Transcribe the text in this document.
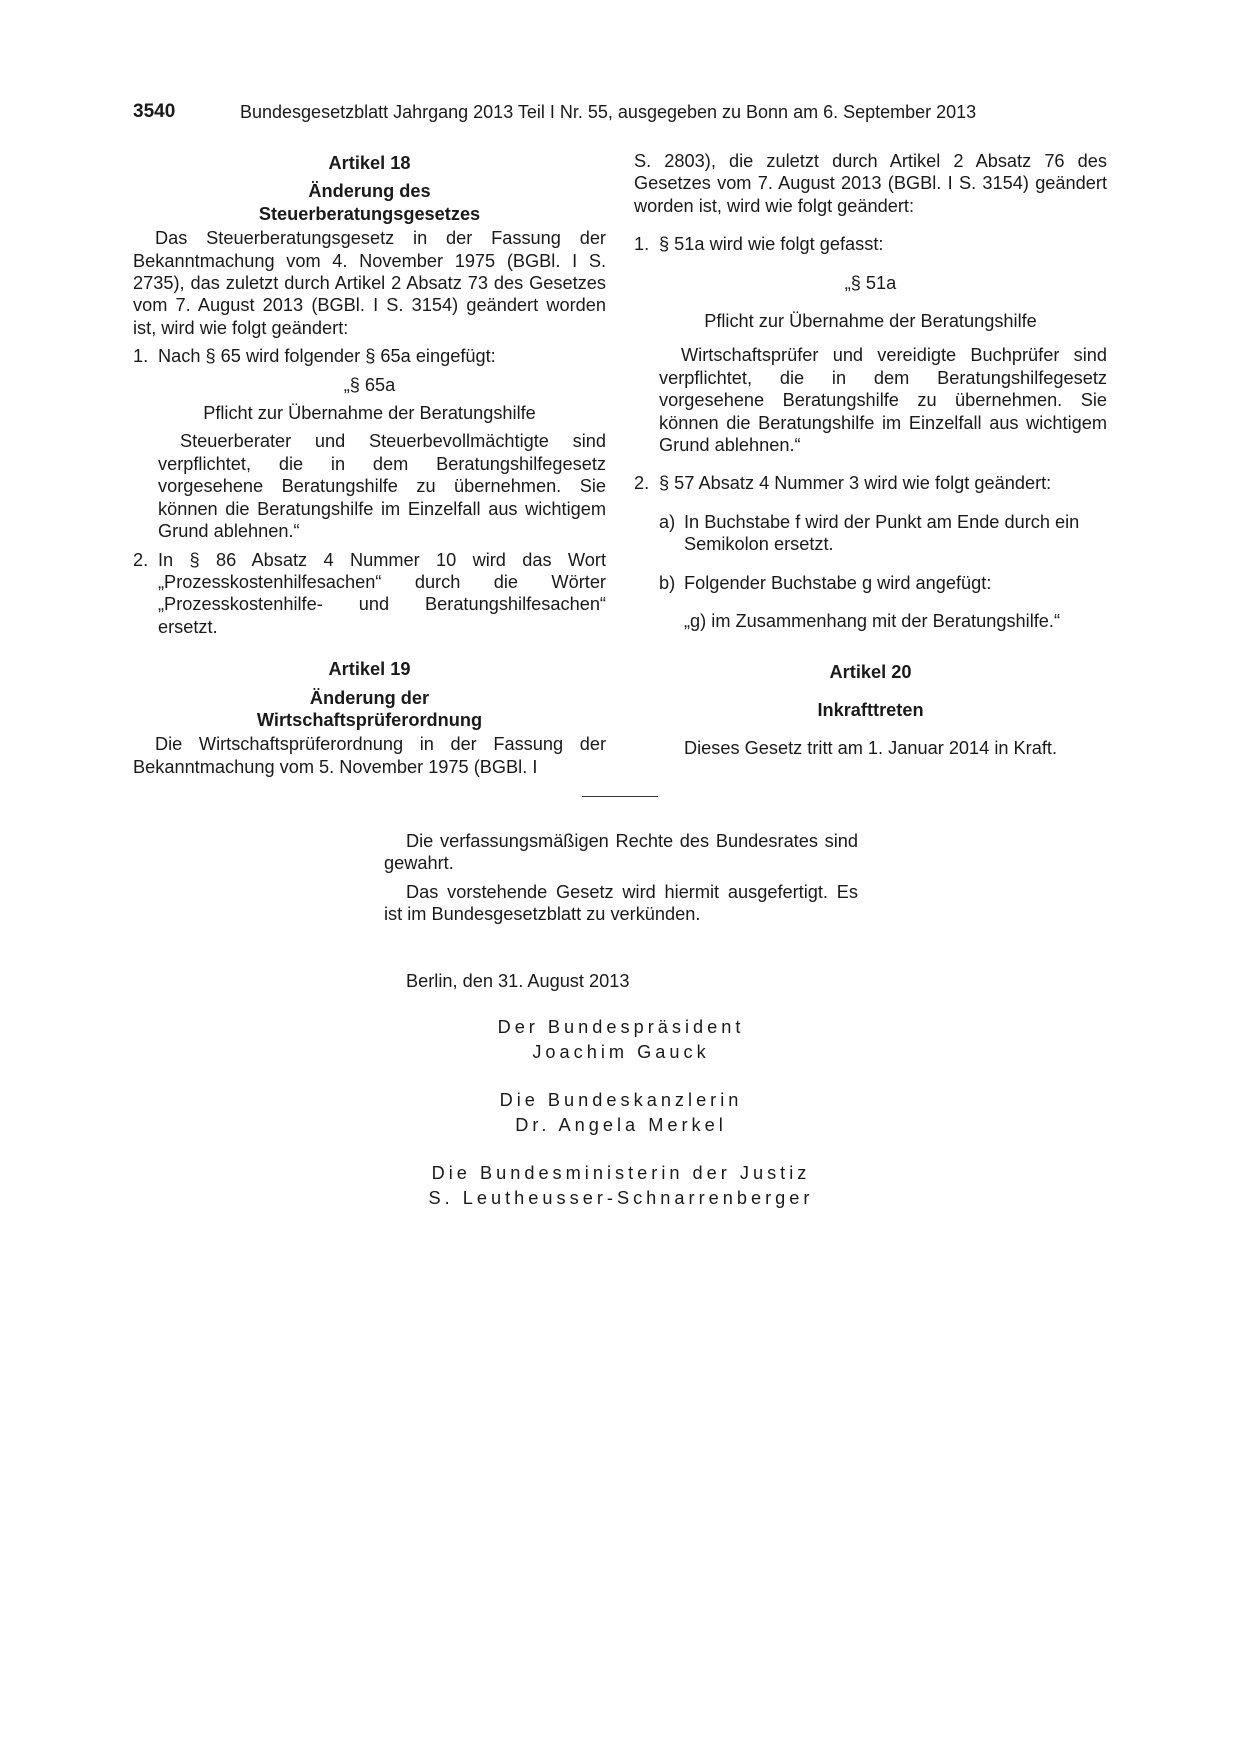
3540	Bundesgesetzblatt Jahrgang 2013 Teil I Nr. 55, ausgegeben zu Bonn am 6. September 2013

Artikel 18

Änderung des

Steuerberatungsgesetzes

Das Steuerberatungsgesetz in der Fassung der Bekanntmachung vom 4. November 1975 (BGBl. I S. 2735), das zuletzt durch Artikel 2 Absatz 73 des Gesetzes vom 7. August 2013 (BGBl. I S. 3154) geändert worden ist, wird wie folgt geändert:

1. Nach § 65 wird folgender § 65a eingefügt:

„§ 65a

Pflicht zur Übernahme der Beratungshilfe

Steuerberater und Steuerbevollmächtigte sind verpflichtet, die in dem Beratungshilfegesetz vorgesehene Beratungshilfe zu übernehmen. Sie können die Beratungshilfe im Einzelfall aus wichtigem Grund ablehnen.“

2. In § 86 Absatz 4 Nummer 10 wird das Wort „Prozesskostenhilfesachen“ durch die Wörter „Prozesskostenhilfe- und Beratungshilfesachen“ ersetzt.

Artikel 19

Änderung der

Wirtschaftsprüferordnung

Die Wirtschaftsprüferordnung in der Fassung der Bekanntmachung vom 5. November 1975 (BGBl. I

S. 2803), die zuletzt durch Artikel 2 Absatz 76 des Gesetzes vom 7. August 2013 (BGBl. I S. 3154) geändert worden ist, wird wie folgt geändert:

1. § 51a wird wie folgt gefasst:

„§ 51a

Pflicht zur Übernahme der Beratungshilfe

Wirtschaftsprüfer und vereidigte Buchprüfer sind verpflichtet, die in dem Beratungshilfegesetz vorgesehene Beratungshilfe zu übernehmen. Sie können die Beratungshilfe im Einzelfall aus wichtigem Grund ablehnen.“

2. § 57 Absatz 4 Nummer 3 wird wie folgt geändert:
a) In Buchstabe f wird der Punkt am Ende durch ein Semikolon ersetzt.
b) Folgender Buchstabe g wird angefügt:

„g) im Zusammenhang mit der Beratungshilfe.“

Artikel 20

Inkrafttreten

Dieses Gesetz tritt am 1. Januar 2014 in Kraft.

Die verfassungsmäßigen Rechte des Bundesrates sind gewahrt.

Das vorstehende Gesetz wird hiermit ausgefertigt. Es ist im Bundesgesetzblatt zu verkünden.

Berlin, den 31. August 2013

Der Bundespräsident
Joachim Gauck
Die Bundeskanzlerin
Dr. Angela Merkel
Die Bundesministerin der Justiz
S. Leutheusser-Schnarrenberger
